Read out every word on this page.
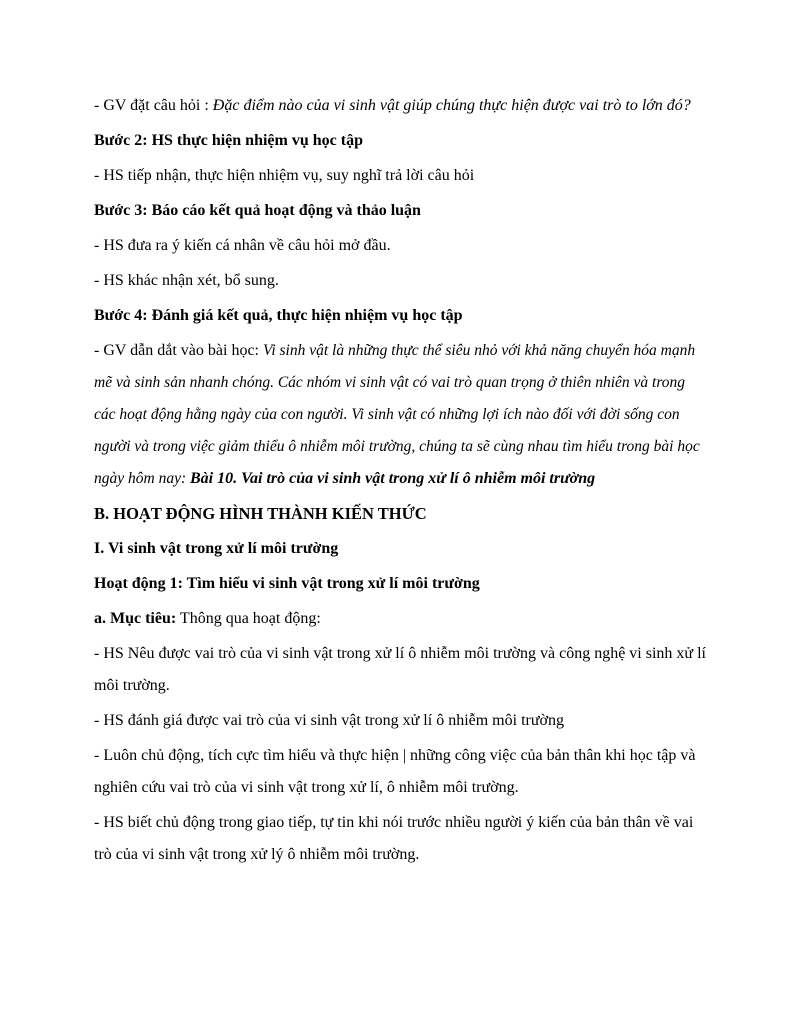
- GV đặt câu hỏi : Đặc điểm nào của vi sinh vật giúp chúng thực hiện được vai trò to lớn đó?

Bước 2: HS thực hiện nhiệm vụ học tập

- HS tiếp nhận, thực hiện nhiệm vụ, suy nghĩ trả lời câu hỏi

Bước 3: Báo cáo kết quả hoạt động và thảo luận

- HS đưa ra ý kiến cá nhân về câu hỏi mở đầu.

- HS khác nhận xét, bổ sung.

Bước 4: Đánh giá kết quả, thực hiện nhiệm vụ học tập

- GV dẫn dắt vào bài học: Vi sinh vật là những thực thể siêu nhỏ với khả năng chuyển hóa mạnh mẽ và sinh sản nhanh chóng. Các nhóm vi sinh vật có vai trò quan trọng ở thiên nhiên và trong các hoạt động hằng ngày của con người. Vi sinh vật có những lợi ích nào đối với đời sống con người và trong việc giảm thiểu ô nhiễm môi trường, chúng ta sẽ cùng nhau tìm hiểu trong bài học ngày hôm nay: Bài 10. Vai trò của vi sinh vật trong xử lí ô nhiễm môi trường

B. HOẠT ĐỘNG HÌNH THÀNH KIẾN THỨC

I. Vi sinh vật trong xử lí môi trường

Hoạt động 1: Tìm hiểu vi sinh vật trong xử lí môi trường

a. Mục tiêu: Thông qua hoạt động:

- HS Nêu được vai trò của vi sinh vật trong xử lí ô nhiễm môi trường và công nghệ vi sinh xử lí môi trường.

- HS đánh giá được vai trò của vi sinh vật trong xử lí ô nhiễm môi trường

- Luôn chủ động, tích cực tìm hiểu và thực hiện | những công việc của bản thân khi học tập và nghiên cứu vai trò của vi sinh vật trong xử lí, ô nhiễm môi trường.

- HS biết chủ động trong giao tiếp, tự tin khi nói trước nhiều người ý kiến của bản thân về vai trò của vi sinh vật trong xử lý ô nhiễm môi trường.
